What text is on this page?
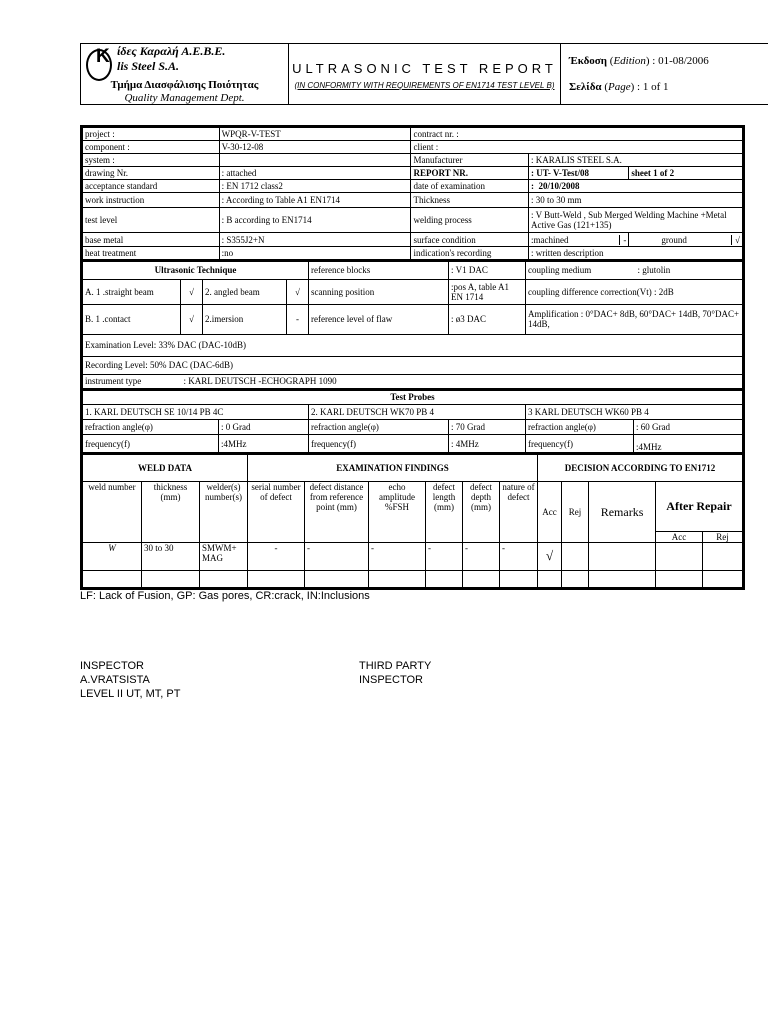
K ίδες Καραλή Α.Ε.Β.Ε.
lis Steel S.A.
Τμήμα Διασφάλισης Ποιότητας
Quality Management Dept.

ULTRASONIC TEST REPORT
(IN CONFORMITY WITH REQUIREMENTS OF EN1714 TEST LEVEL B)

Έκδοση (Edition) : 01-08/2006
Σελίδα (Page) : 1 of 1
project :	WPQR-V-TEST	contract nr. :		
component :	V-30-12-08	client :		
system :		Manufacturer	: KARALIS STEEL S.A.	
drawing Nr.	: attached	REPORT NR.	: UT- V-Test/08	sheet 1 of 2
acceptance standard	: EN 1712 class2	date of examination	:  20/10/2008	
work instruction	: According to Table A1 EN1714	Thickness	: 30 to 30 mm	
test level	: B according to EN1714	welding process	: V Butt-Weld , Sub Merged Welding Machine +Metal Active Gas (121+135)	
base metal	: S355J2+N	surface condition	:machined -	ground √

heat treatment	:no	indication's recording	: written description	
Ultrasonic Technique				reference blocks	: V1 DAC	coupling medium : glutolin
A. 1 .straight beam	√	2. angled beam	√	scanning position	:pos A, table A1 EN 1714	coupling difference correction(Vt) : 2dB
B. 1 .contact	√	2.imersion	-	reference level of flaw	: ø3 DAC	Amplification : 0°DAC+ 8dB, 60°DAC+ 14dB, 70°DAC+ 14dB,
Examination Level: 33% DAC (DAC-10dB)						
Recording Level: 50% DAC (DAC-6dB)						
instrument type : KARL DEUTSCH -ECHOGRAPH 1090						
Test Probes					
1. KARL DEUTSCH SE 10/14 PB 4C		2. KARL DEUTSCH WK70 PB 4		3 KARL DEUTSCH WK60 PB 4	
refraction angle(φ)	: 0 Grad	refraction angle(φ)	: 70 Grad	refraction angle(φ)	: 60 Grad
frequency(f)	:4MHz	frequency(f)	: 4MHz	frequency(f)	:4MHz
WELD DATA			EXAMINATION FINDINGS						DECISION ACCORDING TO EN1712				
weld number	thickness (mm)	welder(s) number(s)	serial number of defect	defect distance from reference point (mm)	echo amplitude %FSH	defect length (mm)	defect depth (mm)	nature of defect	Acc	Rej	Remarks	After Repair	
												Acc	Rej
W	30 to 30	SMWM+ MAG	-	-	-	-	-	-	√				

LF: Lack of Fusion, GP: Gas pores, CR:crack, IN:Inclusions
INSPECTOR
A.VRATSISTA
LEVEL II UT, MT, PT
THIRD PARTY
INSPECTOR
